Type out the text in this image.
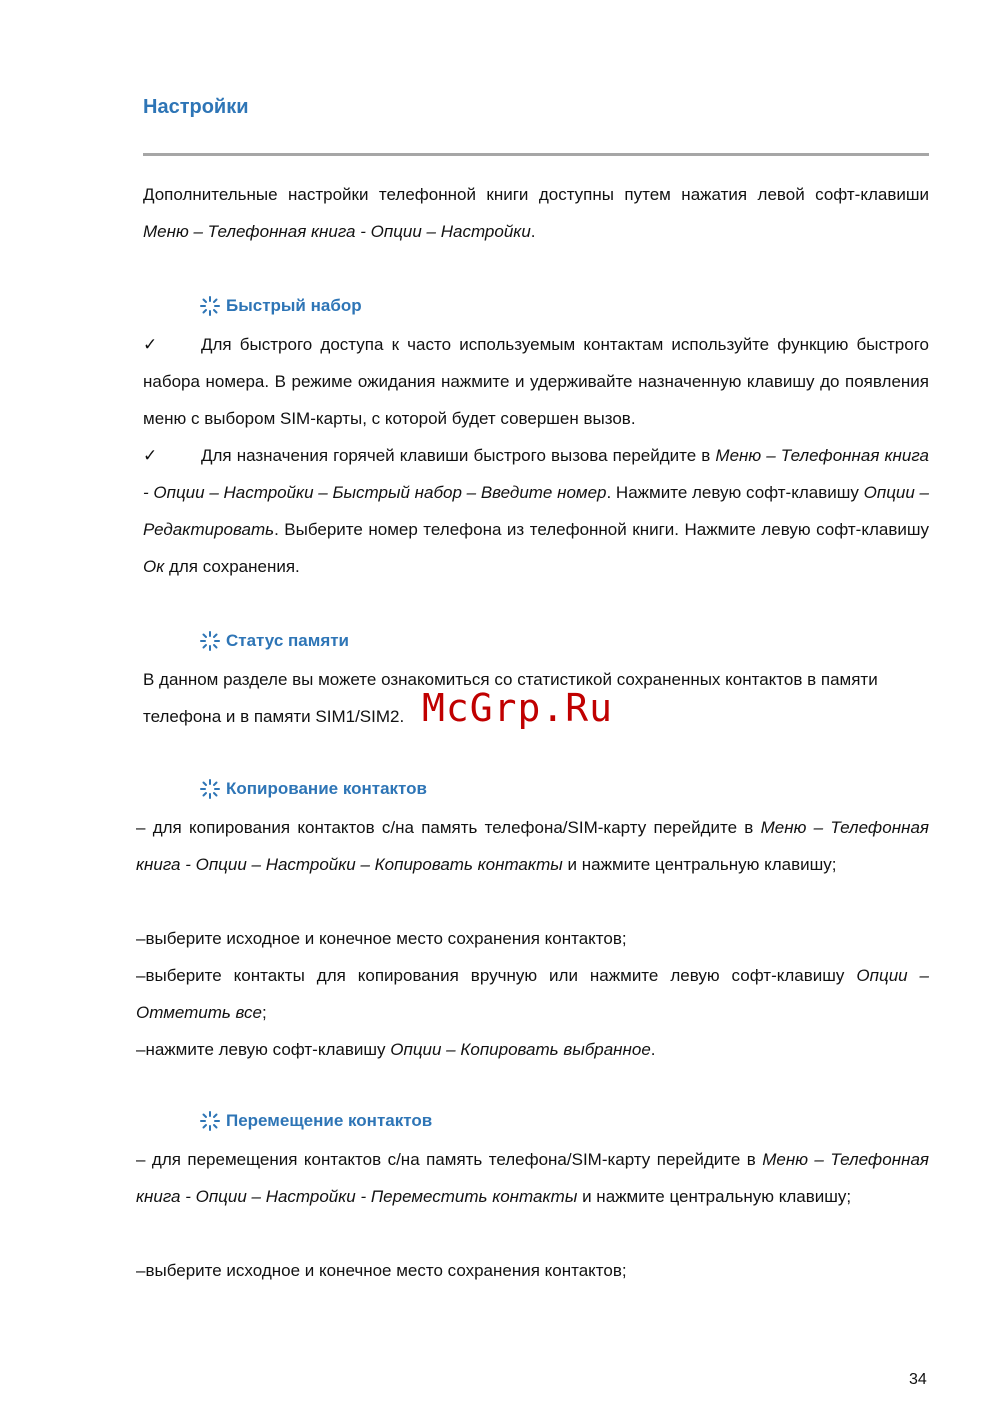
Настройки
Дополнительные настройки телефонной книги доступны путем нажатия левой софт-клавиши Меню – Телефонная книга - Опции – Настройки.
Быстрый набор
✓	Для быстрого доступа к часто используемым контактам используйте функцию быстрого набора номера. В режиме ожидания нажмите и удерживайте назначенную клавишу до появления меню с выбором SIM-карты, с которой будет совершен вызов.
✓	Для назначения горячей клавиши быстрого вызова перейдите в Меню – Телефонная книга - Опции – Настройки – Быстрый набор – Введите номер. Нажмите левую софт-клавишу Опции – Редактировать. Выберите номер телефона из телефонной книги. Нажмите левую софт-клавишу Ок для сохранения.
Статус памяти
В данном разделе вы можете ознакомиться со статистикой сохраненных контактов в памяти телефона и в памяти SIM1/SIM2.
Копирование контактов
– для копирования контактов с/на память телефона/SIM-карту перейдите в Меню – Телефонная книга - Опции – Настройки – Копировать контакты и нажмите центральную клавишу;
–выберите исходное и конечное место сохранения контактов;
–выберите контакты для копирования вручную или нажмите левую софт-клавишу Опции – Отметить все;
–нажмите левую софт-клавишу Опции – Копировать выбранное.
Перемещение контактов
– для перемещения контактов с/на память телефона/SIM-карту перейдите в Меню – Телефонная книга - Опции – Настройки - Переместить контакты и нажмите центральную клавишу;
–выберите исходное и конечное место сохранения контактов;
McGrp.Ru
34
